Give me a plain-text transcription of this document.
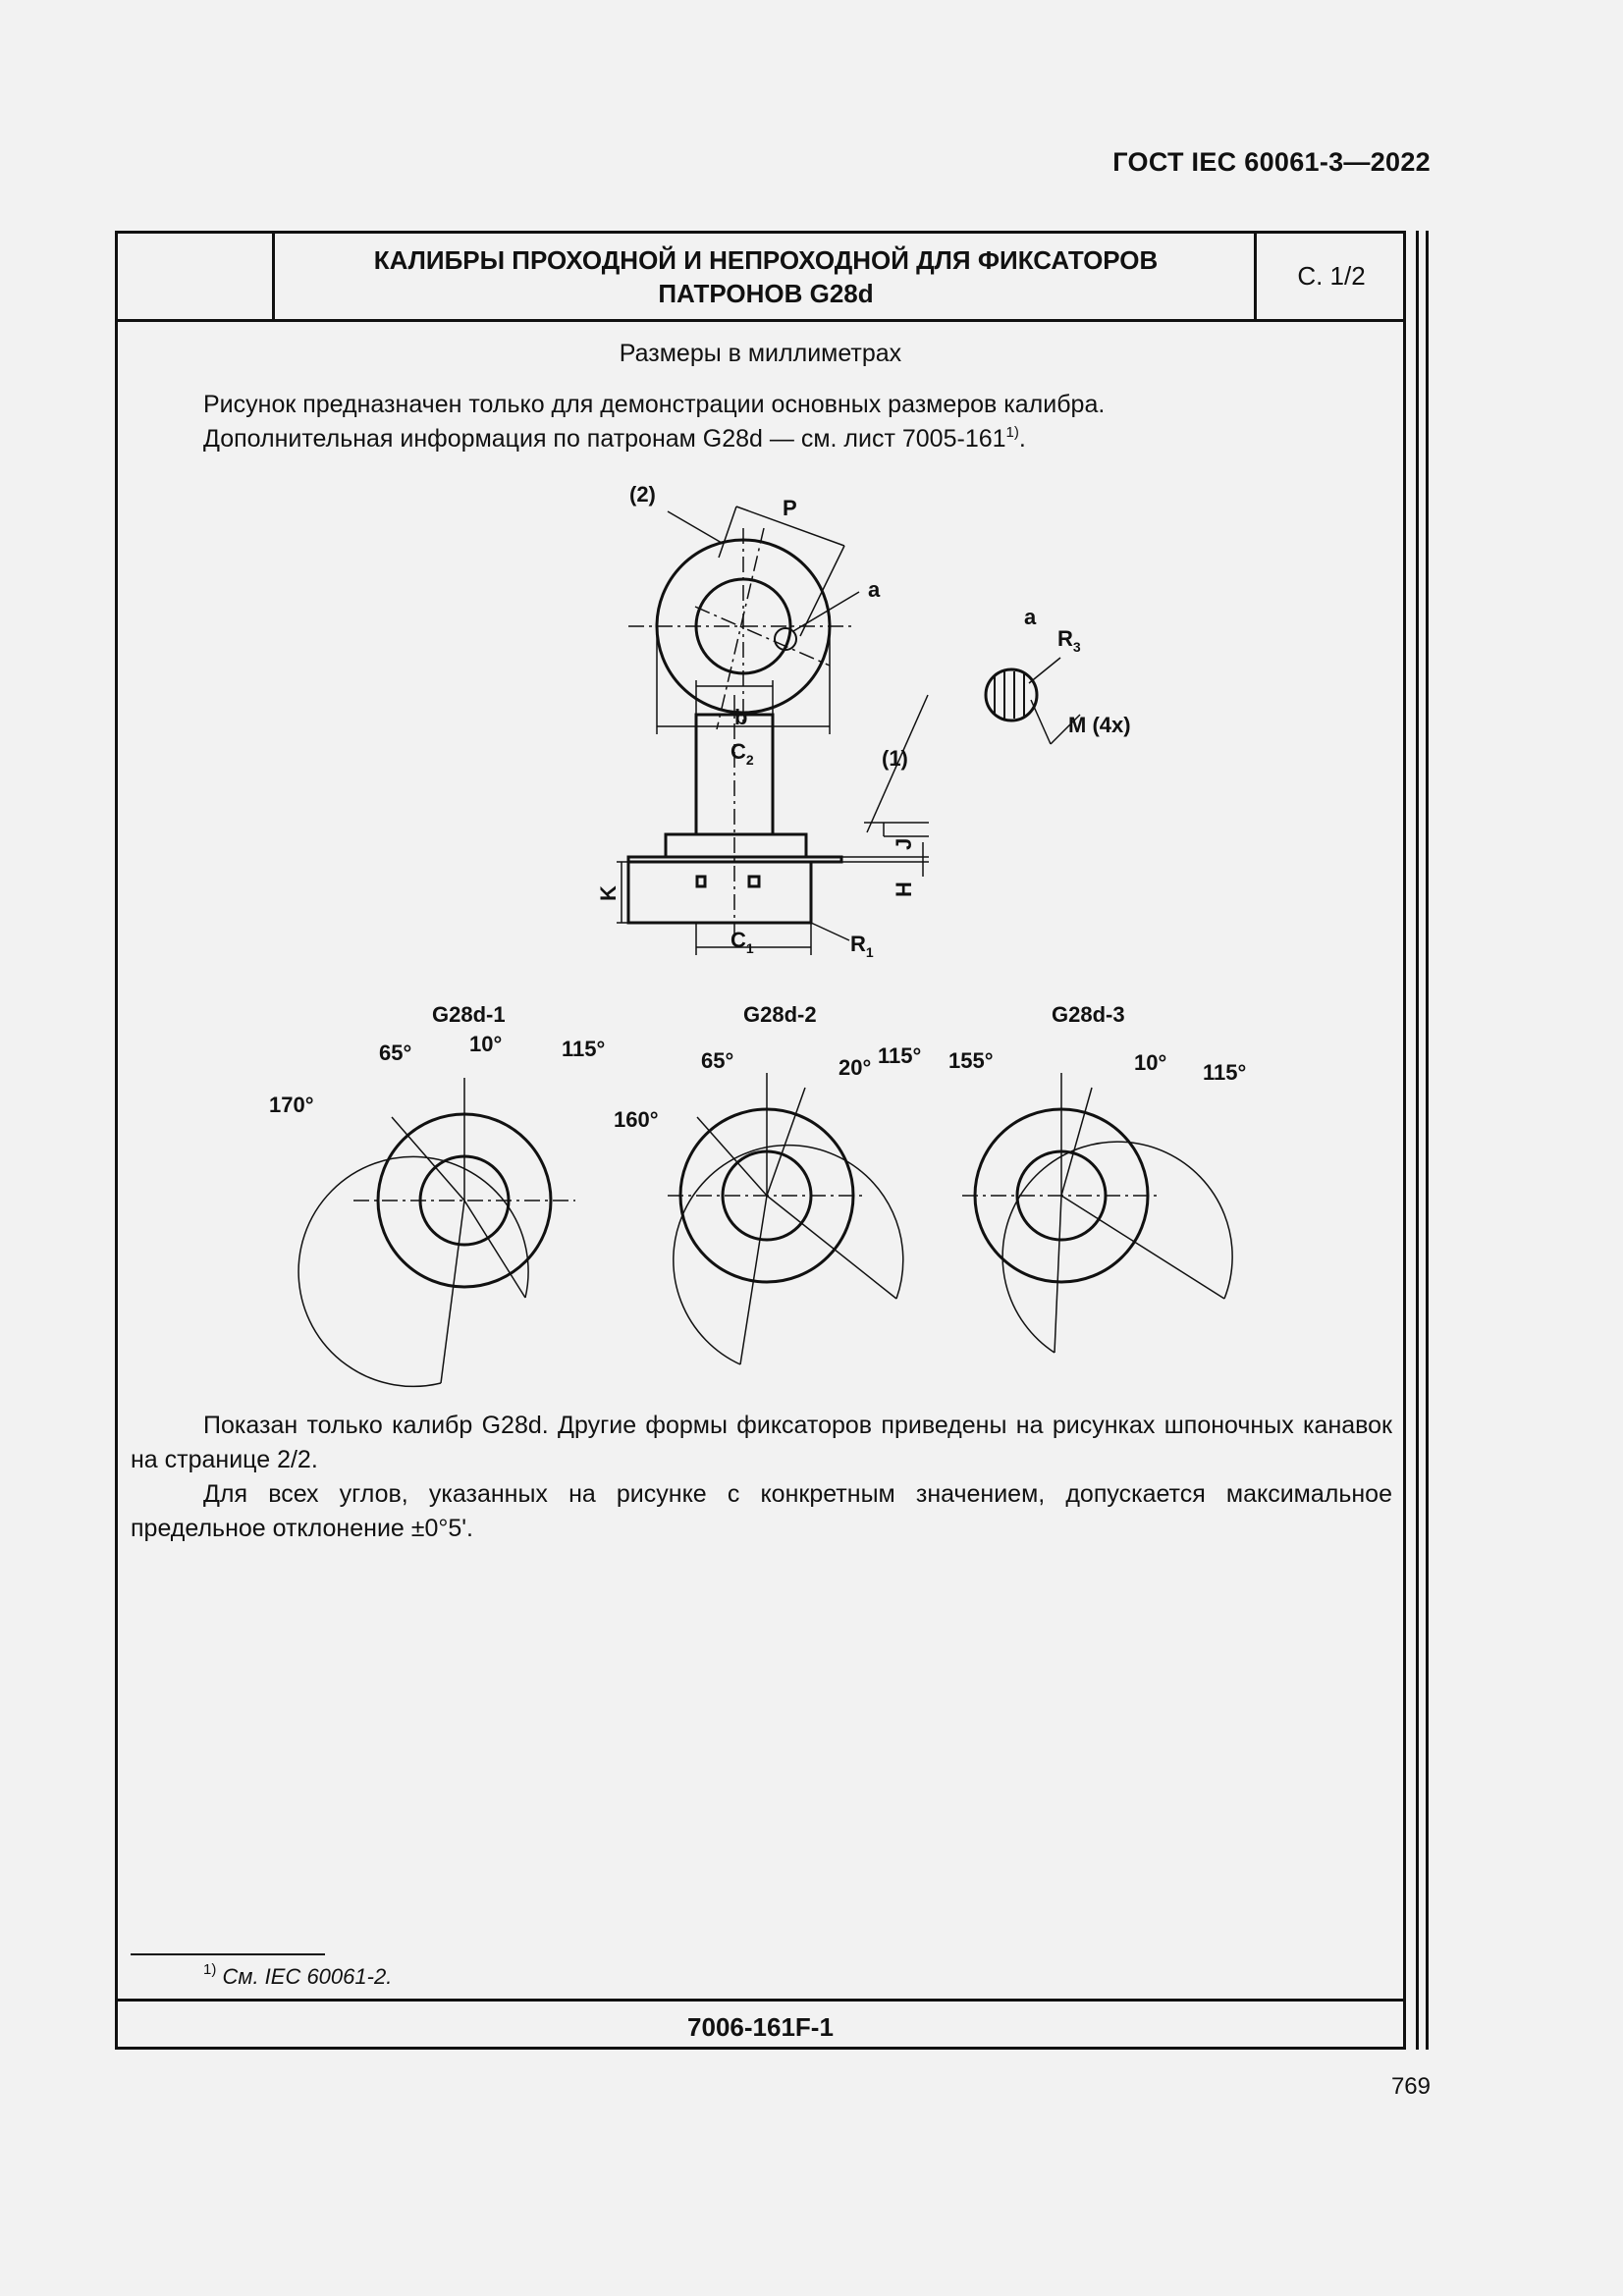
ГОСТ IEC 60061-3—2022
КАЛИБРЫ ПРОХОДНОЙ И НЕПРОХОДНОЙ ДЛЯ ФИКСАТОРОВ
ПАТРОНОВ G28d
С. 1/2
Размеры в миллиметрах
Рисунок предназначен только для демонстрации основных размеров калибра.
Дополнительная информация по патронам G28d — см. лист 7005-161$^{1)}$.
(2)
P
a
b
$C_2$
a
$R_3$
M (4x)
(1)
K	H
J
$R_1$
$C_1$
G28d-1
65°	10°	115°
170°
G28d-2
65°	20° 115°
160°
G28d-3
155°	10° 115°

Показан только калибр G28d. Другие формы фиксаторов приведены на рисунках шпоночных канавок на странице 2/2.

Для всех углов, указанных на рисунке с конкретным значением, допускается максимальное предельное отклонение ±0°5'.

$^{1)}$ См. IEC 60061-2.
7006-161F-1
769
